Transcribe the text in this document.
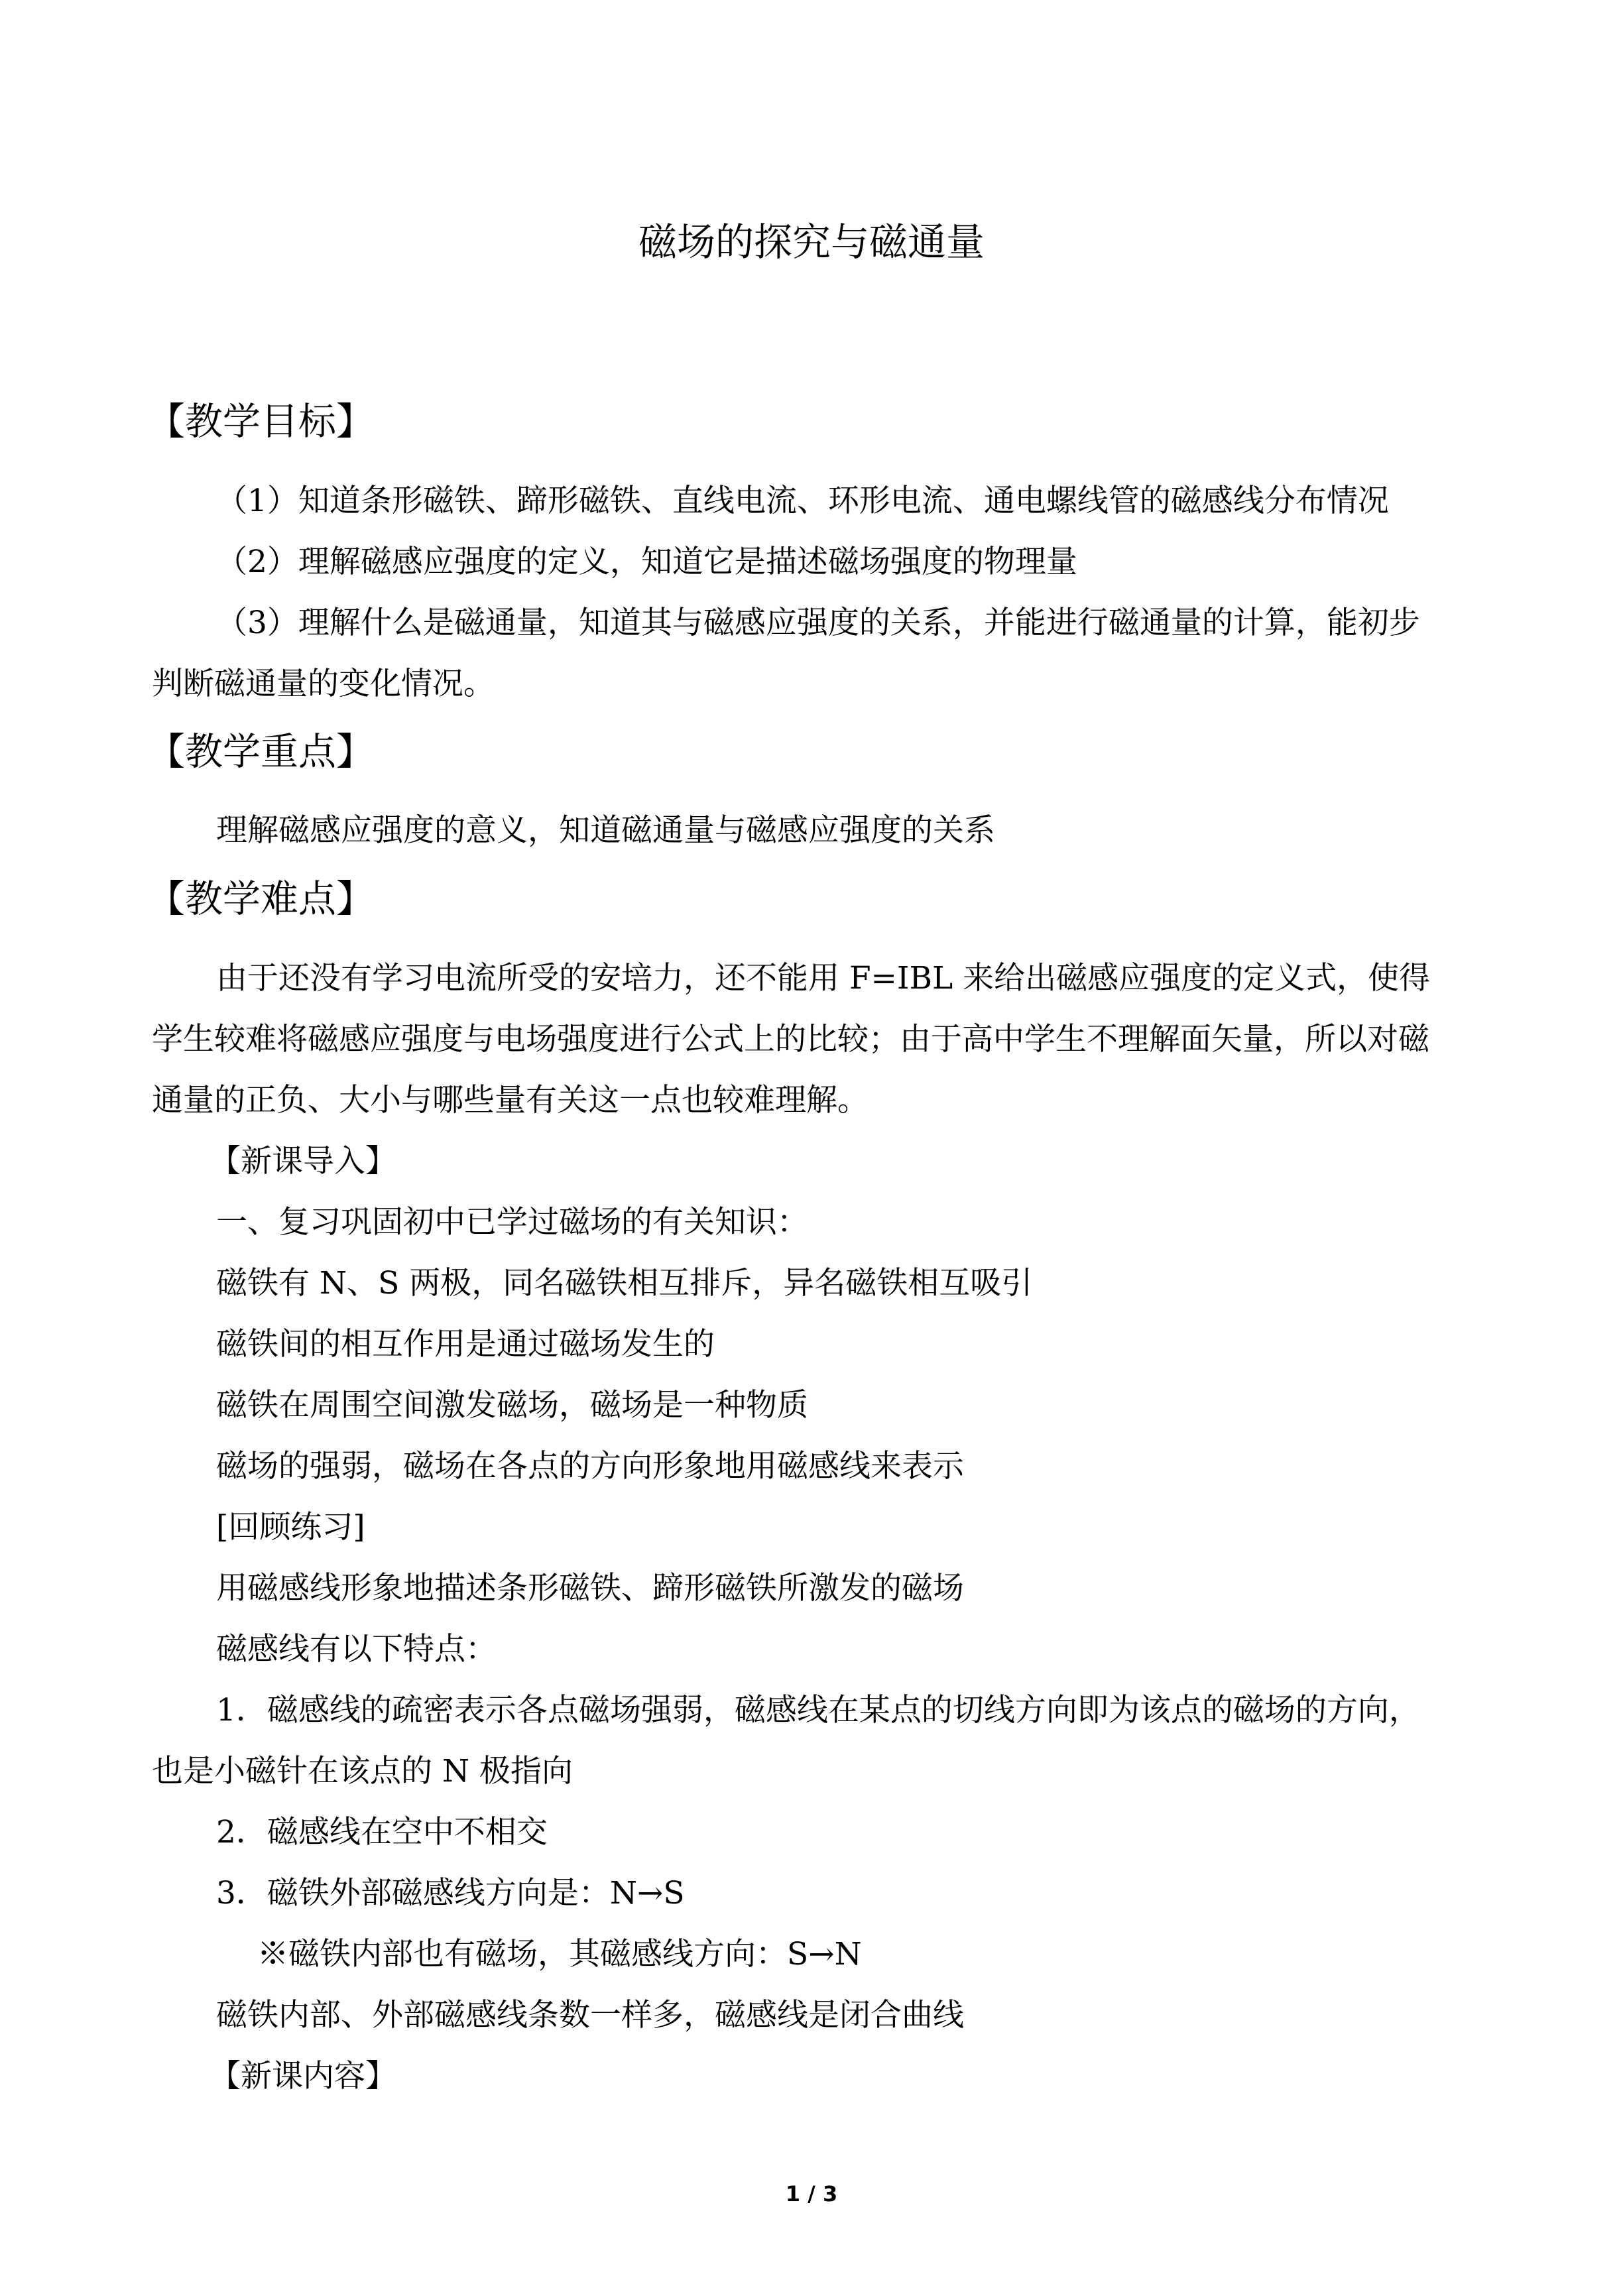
磁场的探究与磁通量
【教学目标】
（1）知道条形磁铁、蹄形磁铁、直线电流、环形电流、通电螺线管的磁感线分布情况
（2）理解磁感应强度的定义，知道它是描述磁场强度的物理量
（3）理解什么是磁通量，知道其与磁感应强度的关系，并能进行磁通量的计算，能初步
判断磁通量的变化情况。
【教学重点】
理解磁感应强度的意义，知道磁通量与磁感应强度的关系
【教学难点】
由于还没有学习电流所受的安培力，还不能用 F=IBL 来给出磁感应强度的定义式，使得
学生较难将磁感应强度与电场强度进行公式上的比较；由于高中学生不理解面矢量，所以对磁
通量的正负、大小与哪些量有关这一点也较难理解。
【新课导入】
一、复习巩固初中已学过磁场的有关知识：
磁铁有 N、S 两极，同名磁铁相互排斥，异名磁铁相互吸引
磁铁间的相互作用是通过磁场发生的
磁铁在周围空间激发磁场，磁场是一种物质
磁场的强弱，磁场在各点的方向形象地用磁感线来表示
[回顾练习]
用磁感线形象地描述条形磁铁、蹄形磁铁所激发的磁场
磁感线有以下特点：
1．磁感线的疏密表示各点磁场强弱，磁感线在某点的切线方向即为该点的磁场的方向，
也是小磁针在该点的 N 极指向
2．磁感线在空中不相交
3．磁铁外部磁感线方向是：N→S
※磁铁内部也有磁场，其磁感线方向：S→N
磁铁内部、外部磁感线条数一样多，磁感线是闭合曲线
【新课内容】
1 / 3
